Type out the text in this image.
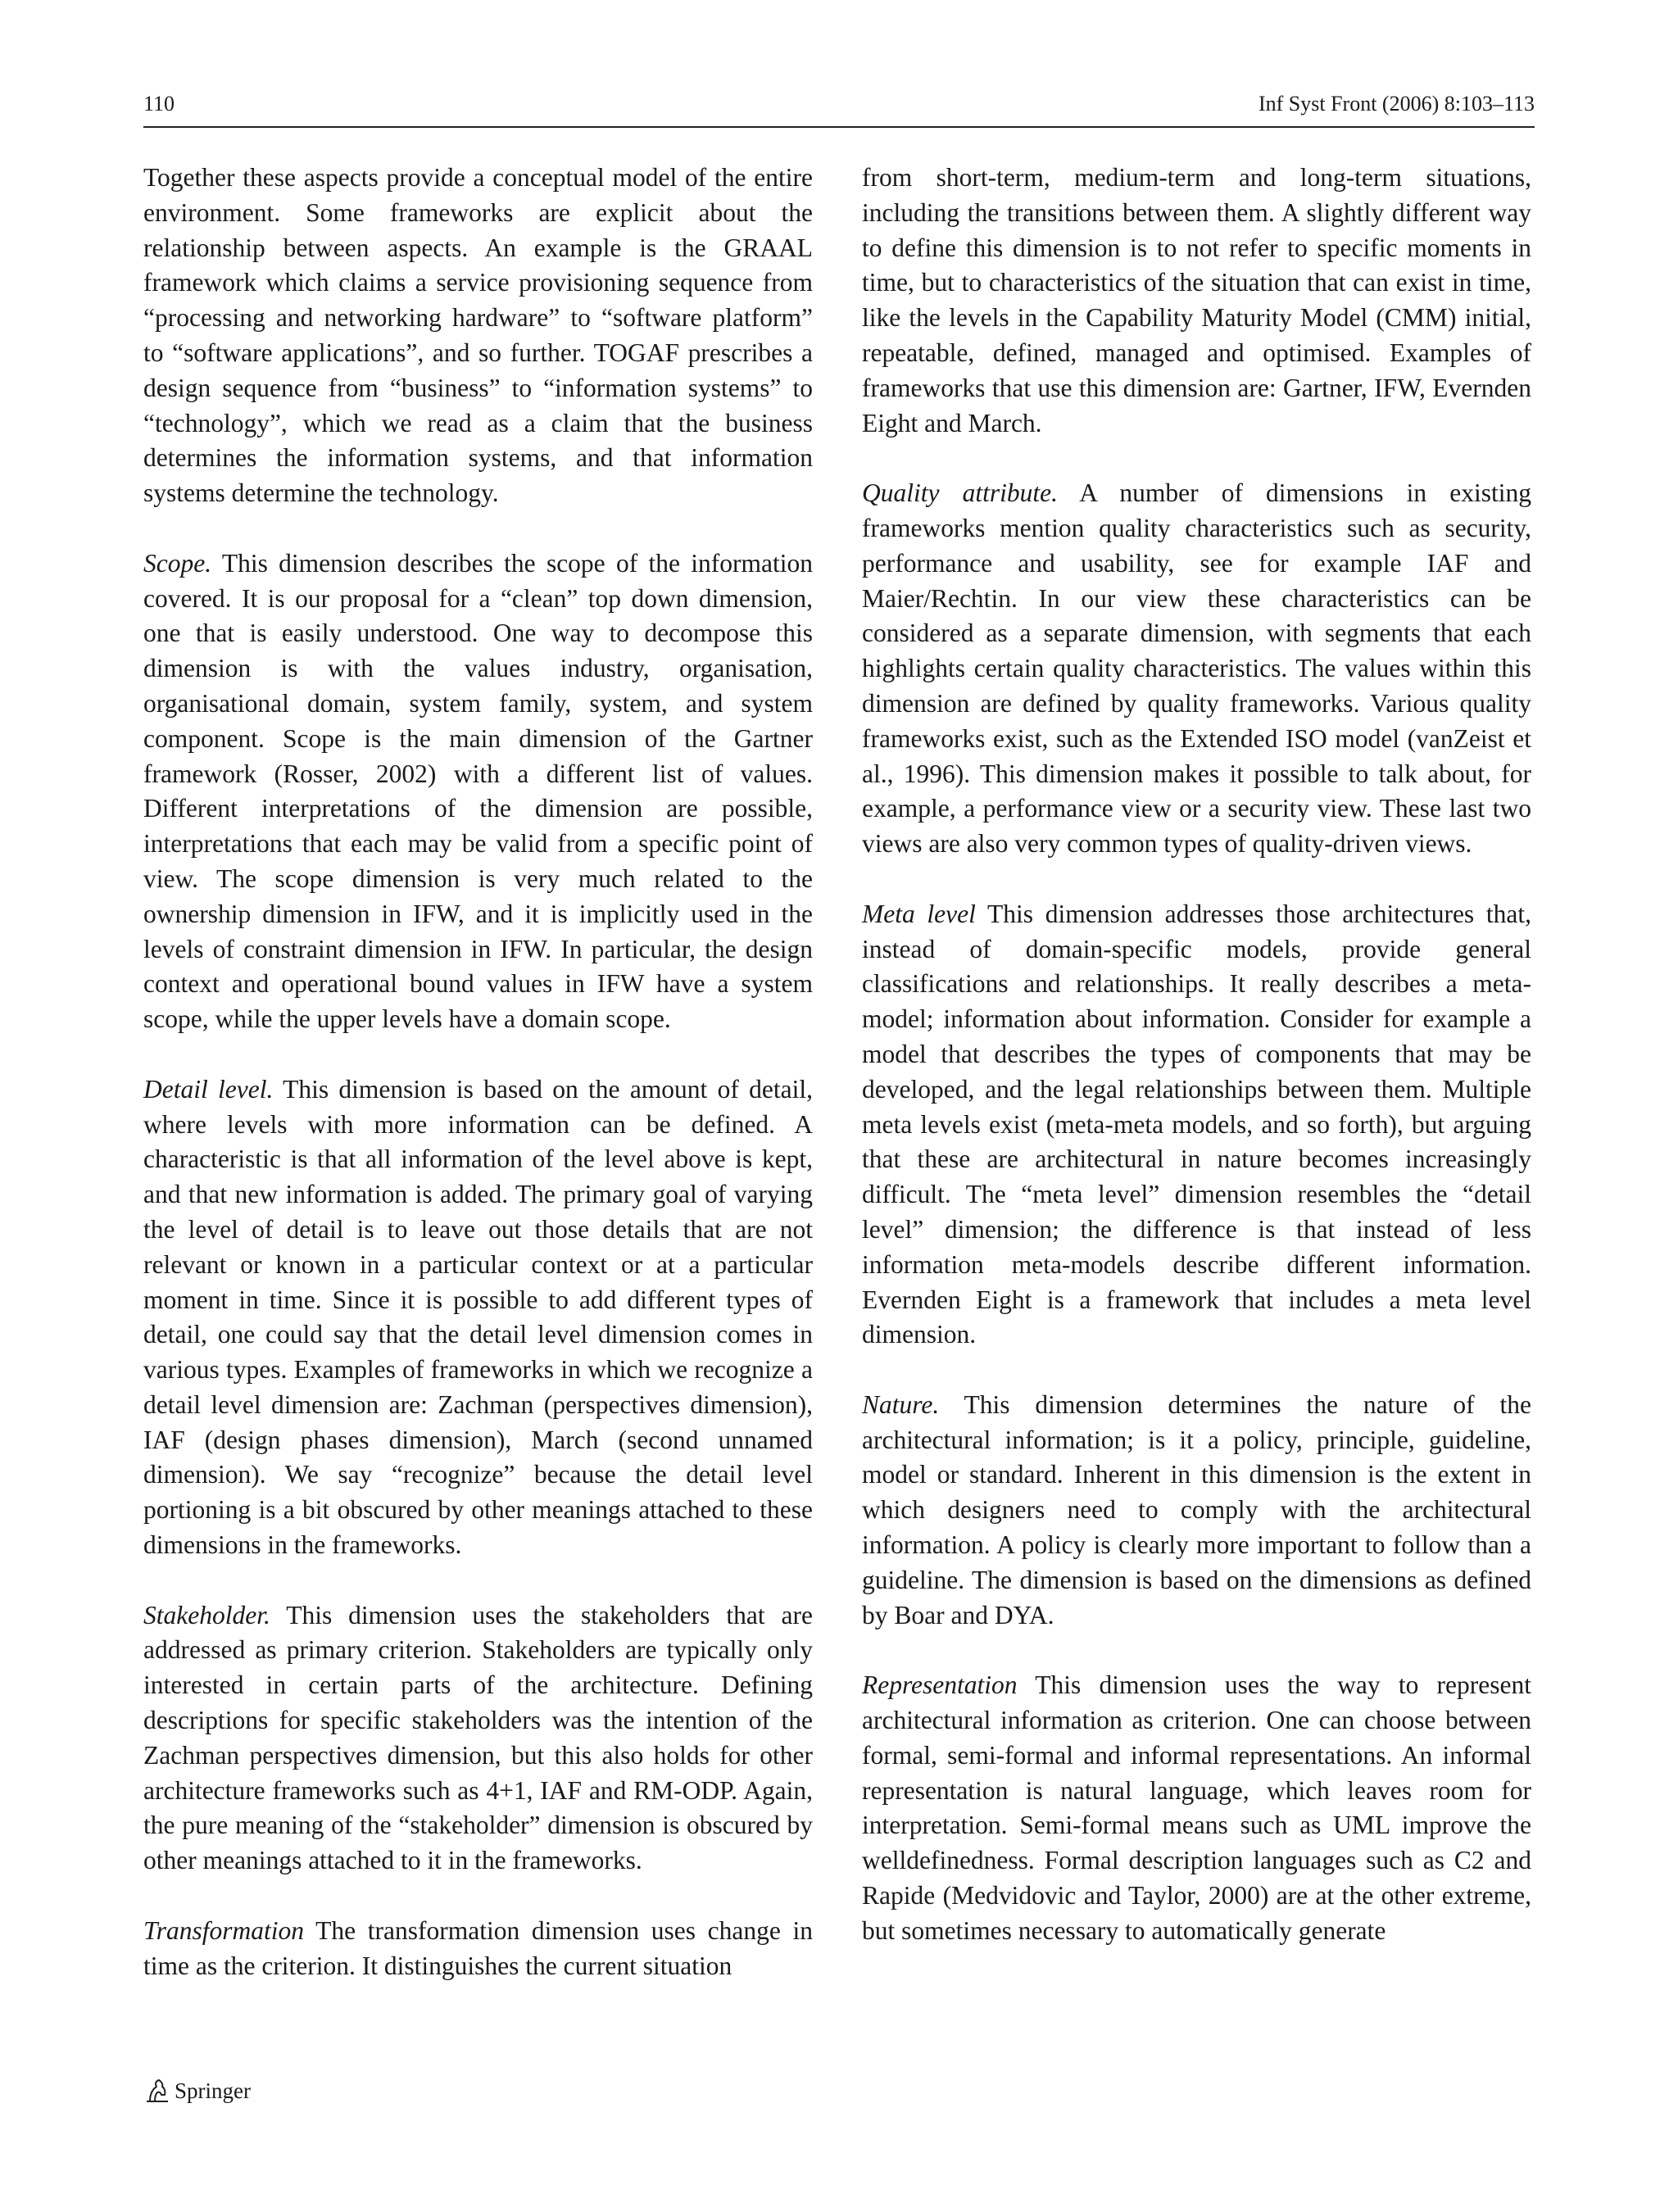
110	Inf Syst Front (2006) 8:103–113

Together these aspects provide a conceptual model of the entire environment. Some frameworks are explicit about the relationship between aspects. An example is the GRAAL framework which claims a service provisioning sequence from “processing and networking hardware” to “software platform” to “software applications”, and so further. TOGAF prescribes a design sequence from “business” to “information systems” to “technology”, which we read as a claim that the business determines the information systems, and that information systems determine the technology.

Scope. This dimension describes the scope of the information covered. It is our proposal for a “clean” top down dimension, one that is easily understood. One way to decompose this dimension is with the values industry, organisation, organisational domain, system family, system, and system component. Scope is the main dimension of the Gartner framework (Rosser, 2002) with a different list of values. Different interpretations of the dimension are possible, interpretations that each may be valid from a specific point of view. The scope dimension is very much related to the ownership dimension in IFW, and it is implicitly used in the levels of constraint dimension in IFW. In particular, the design context and operational bound values in IFW have a system scope, while the upper levels have a domain scope.

Detail level. This dimension is based on the amount of detail, where levels with more information can be defined. A characteristic is that all information of the level above is kept, and that new information is added. The primary goal of varying the level of detail is to leave out those details that are not relevant or known in a particular context or at a particular moment in time. Since it is possible to add different types of detail, one could say that the detail level dimension comes in various types. Examples of frameworks in which we recognize a detail level dimension are: Zachman (perspectives dimension), IAF (design phases dimension), March (second unnamed dimension). We say “recognize” because the detail level portioning is a bit obscured by other meanings attached to these dimensions in the frameworks.

Stakeholder. This dimension uses the stakeholders that are addressed as primary criterion. Stakeholders are typically only interested in certain parts of the architecture. Defining descriptions for specific stakeholders was the intention of the Zachman perspectives dimension, but this also holds for other architecture frameworks such as 4+1, IAF and RM-ODP. Again, the pure meaning of the “stakeholder” dimension is obscured by other meanings attached to it in the frameworks.

Transformation The transformation dimension uses change in time as the criterion. It distinguishes the current situation

from short-term, medium-term and long-term situations, including the transitions between them. A slightly different way to define this dimension is to not refer to specific moments in time, but to characteristics of the situation that can exist in time, like the levels in the Capability Maturity Model (CMM) initial, repeatable, defined, managed and optimised. Examples of frameworks that use this dimension are: Gartner, IFW, Evernden Eight and March.

Quality attribute. A number of dimensions in existing frameworks mention quality characteristics such as security, performance and usability, see for example IAF and Maier/Rechtin. In our view these characteristics can be considered as a separate dimension, with segments that each highlights certain quality characteristics. The values within this dimension are defined by quality frameworks. Various quality frameworks exist, such as the Extended ISO model (vanZeist et al., 1996). This dimension makes it possible to talk about, for example, a performance view or a security view. These last two views are also very common types of quality-driven views.

Meta level This dimension addresses those architectures that, instead of domain-specific models, provide general classifications and relationships. It really describes a meta-model; information about information. Consider for example a model that describes the types of components that may be developed, and the legal relationships between them. Multiple meta levels exist (meta-meta models, and so forth), but arguing that these are architectural in nature becomes increasingly difficult. The “meta level” dimension resembles the “detail level” dimension; the difference is that instead of less information meta-models describe different information. Evernden Eight is a framework that includes a meta level dimension.

Nature. This dimension determines the nature of the architectural information; is it a policy, principle, guideline, model or standard. Inherent in this dimension is the extent in which designers need to comply with the architectural information. A policy is clearly more important to follow than a guideline. The dimension is based on the dimensions as defined by Boar and DYA.

Representation This dimension uses the way to represent architectural information as criterion. One can choose between formal, semi-formal and informal representations. An informal representation is natural language, which leaves room for interpretation. Semi-formal means such as UML improve the welldefinedness. Formal description languages such as C2 and Rapide (Medvidovic and Taylor, 2000) are at the other extreme, but sometimes necessary to automatically generate

Springer
